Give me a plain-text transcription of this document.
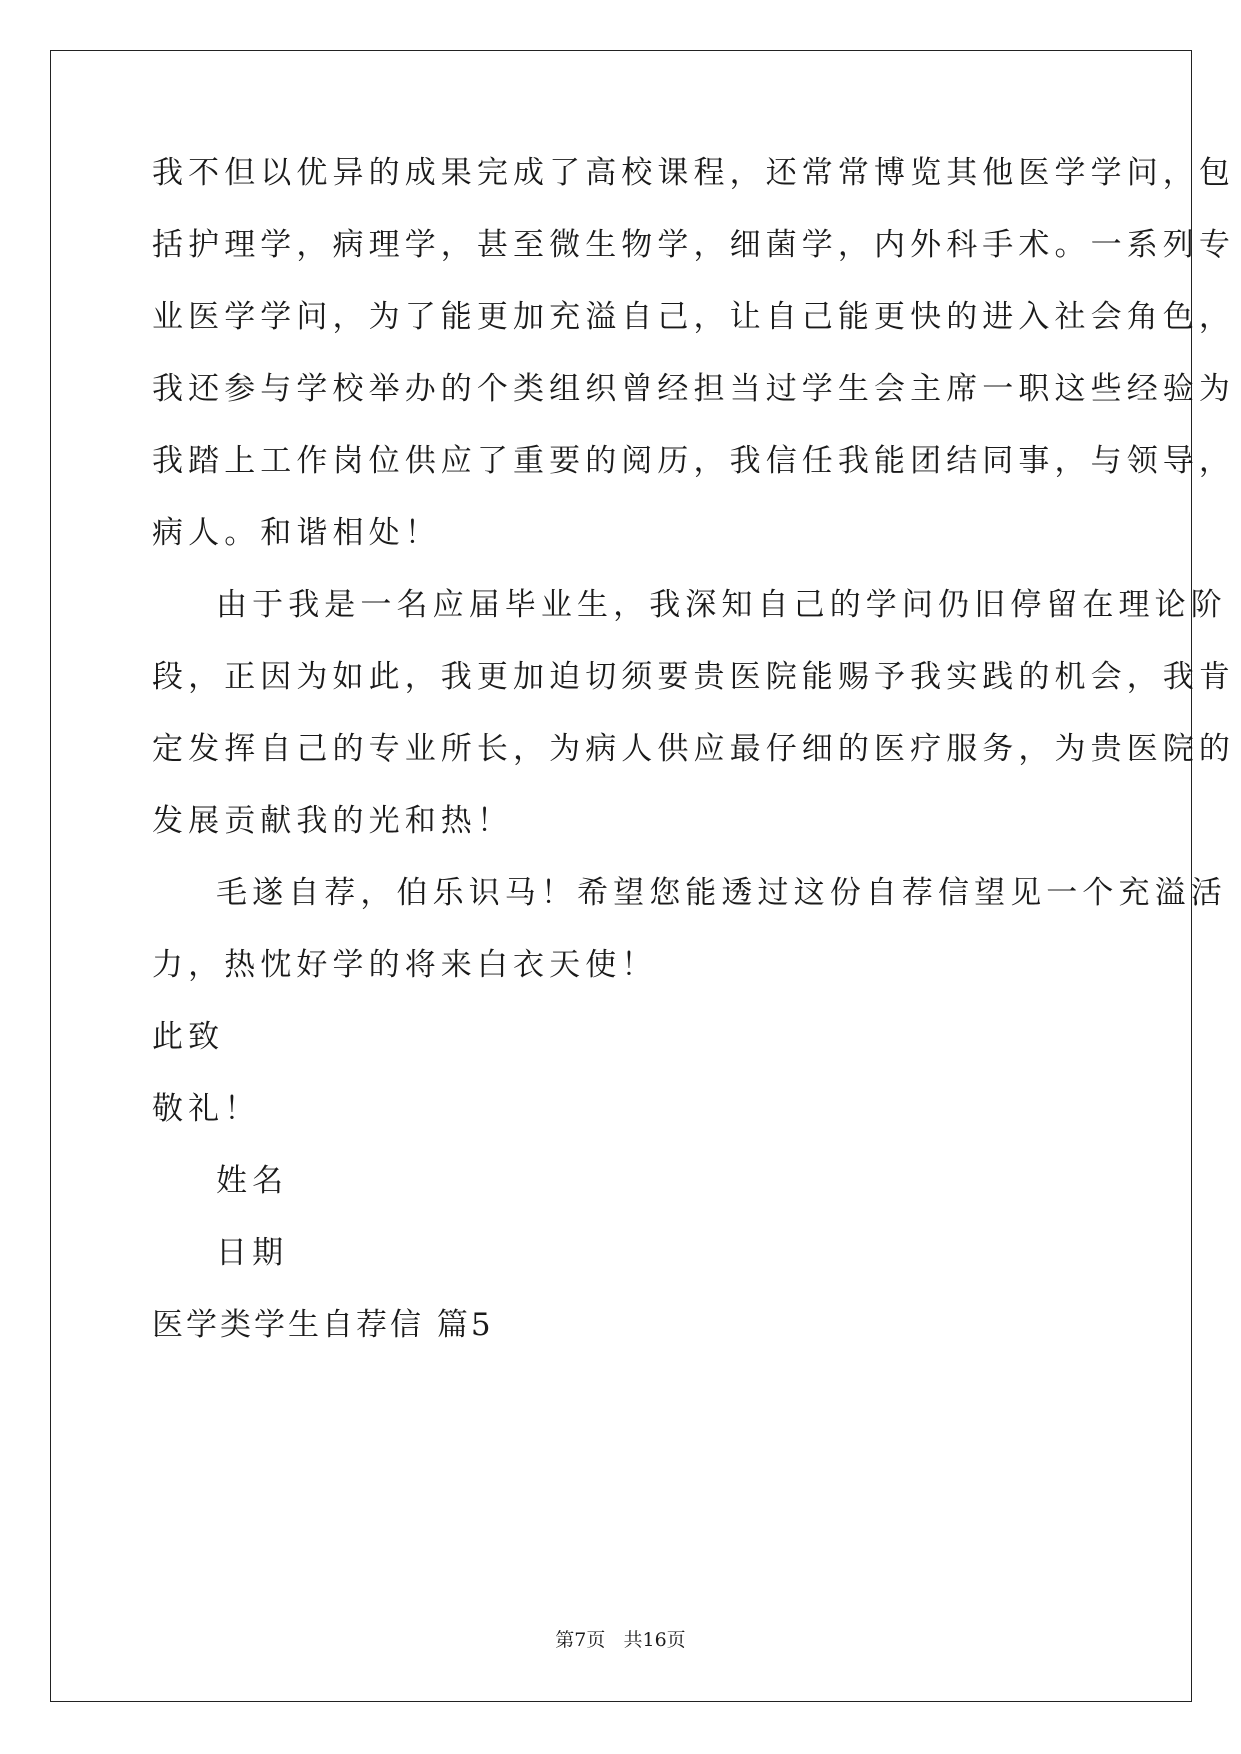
我不但以优异的成果完成了高校课程，还常常博览其他医学学问，包
括护理学，病理学，甚至微生物学，细菌学，内外科手术。一系列专
业医学学问，为了能更加充溢自己，让自己能更快的进入社会角色，
我还参与学校举办的个类组织曾经担当过学生会主席一职这些经验为
我踏上工作岗位供应了重要的阅历，我信任我能团结同事，与领导，
病人。和谐相处！
由于我是一名应届毕业生，我深知自己的学问仍旧停留在理论阶
段，正因为如此，我更加迫切须要贵医院能赐予我实践的机会，我肯
定发挥自己的专业所长，为病人供应最仔细的医疗服务，为贵医院的
发展贡献我的光和热！
毛遂自荐，伯乐识马！希望您能透过这份自荐信望见一个充溢活
力，热忱好学的将来白衣天使！
此致
敬礼！
姓名
日期
医学类学生自荐信 篇5
第7页   共16页
